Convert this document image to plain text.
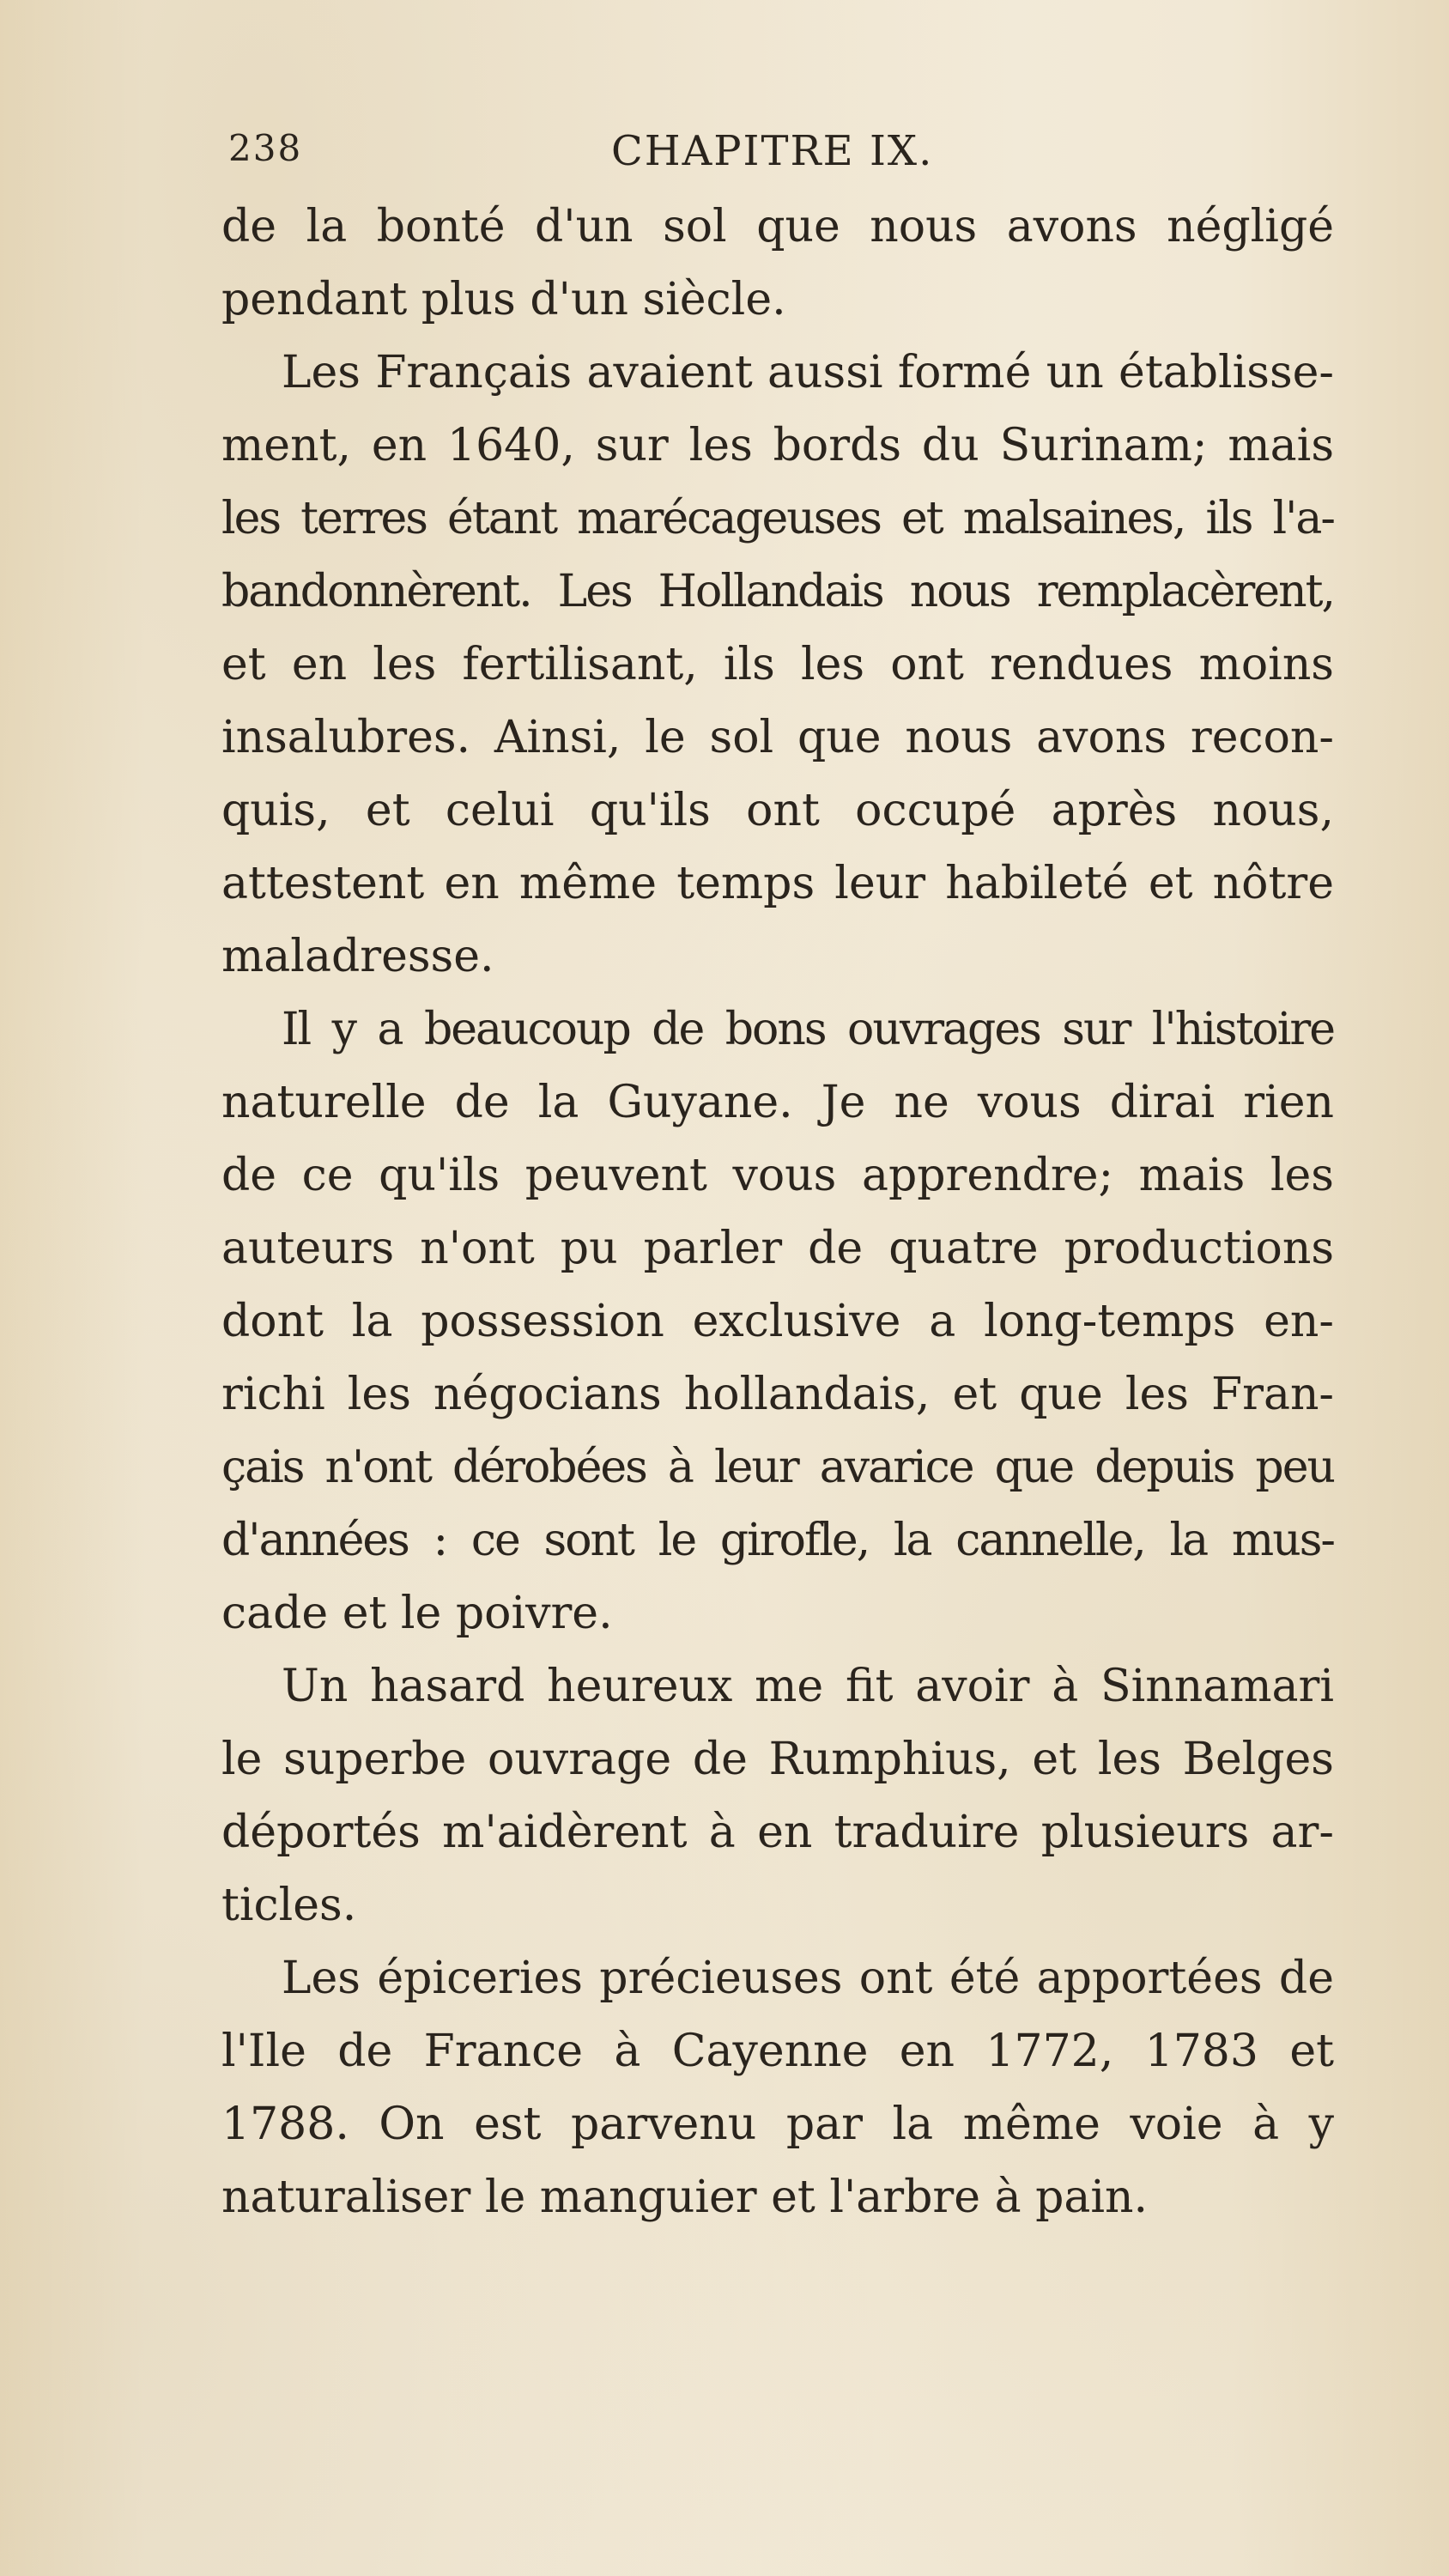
238	CHAPITRE IX.
de la bonté d'un sol que nous avons négligé
pendant plus d'un siècle.
Les Français avaient aussi formé un établisse-
ment, en 1640, sur les bords du Surinam; mais
les terres étant marécageuses et malsaines, ils l'a-
bandonnèrent. Les Hollandais nous remplacèrent,
et en les fertilisant, ils les ont rendues moins
insalubres. Ainsi, le sol que nous avons recon-
quis, et celui qu'ils ont occupé après nous,
attestent en même temps leur habileté et nôtre
maladresse.
Il y a beaucoup de bons ouvrages sur l'histoire
naturelle de la Guyane. Je ne vous dirai rien
de ce qu'ils peuvent vous apprendre; mais les
auteurs n'ont pu parler de quatre productions
dont la possession exclusive a long-temps en-
richi les négocians hollandais, et que les Fran-
çais n'ont dérobées à leur avarice que depuis peu
d'années : ce sont le girofle, la cannelle, la mus-
cade et le poivre.
Un hasard heureux me fit avoir à Sinnamari
le superbe ouvrage de Rumphius, et les Belges
déportés m'aidèrent à en traduire plusieurs ar-
ticles.
Les épiceries précieuses ont été apportées de
l'Ile de France à Cayenne en 1772, 1783 et
1788. On est parvenu par la même voie à y
naturaliser le manguier et l'arbre à pain.
